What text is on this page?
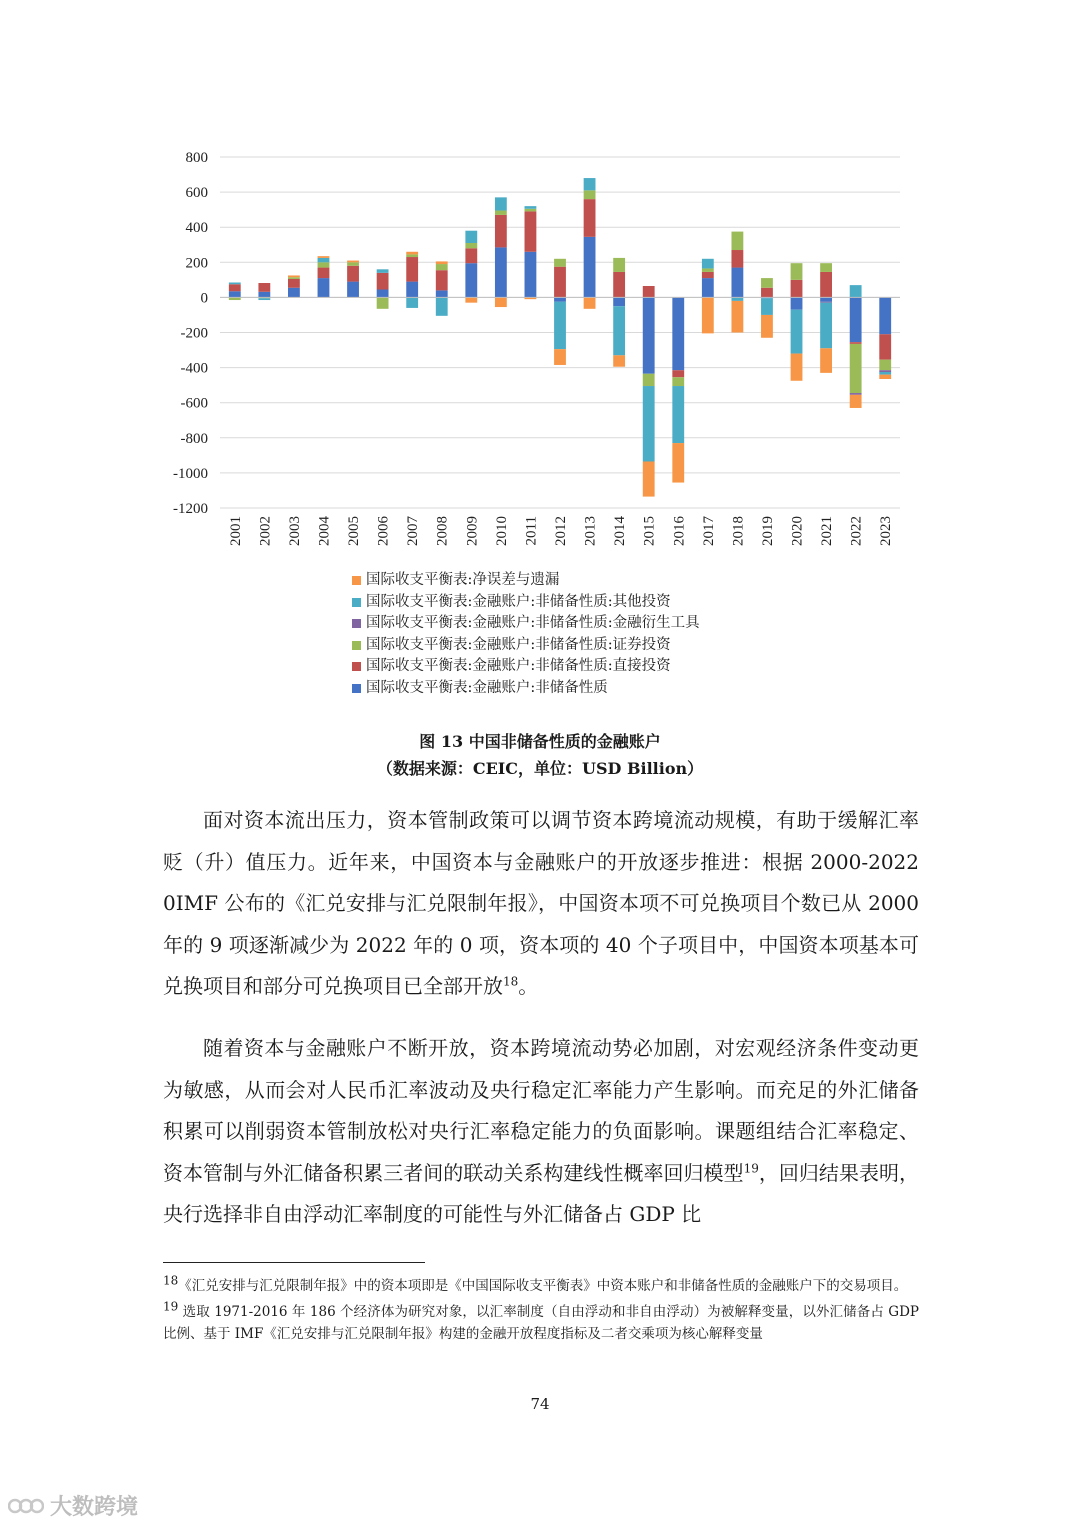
800
600
400
200
0
-200
-400
-600
-800
-1000
-1200
2001 2002 2003 2004 2005 2006 2007 2008 2009 2010 2011 2012 2013 2014 2015 2016 2017 2018 2019 2020 2021 2022 2023
国际收支平衡表:净误差与遗漏
国际收支平衡表:金融账户:非储备性质:其他投资
国际收支平衡表:金融账户:非储备性质:金融衍生工具
国际收支平衡表:金融账户:非储备性质:证券投资
国际收支平衡表:金融账户:非储备性质:直接投资
国际收支平衡表:金融账户:非储备性质
图 13 中国非储备性质的金融账户
（数据来源：CEIC，单位：USD Billion）

面对资本流出压力，资本管制政策可以调节资本跨境流动规模，有助于缓解汇率贬（升）值压力。近年来，中国资本与金融账户的开放逐步推进：根据 2000-2022 0IMF 公布的《汇兑安排与汇兑限制年报》，中国资本项不可兑换项目个数已从 2000 年的 9 项逐渐减少为 2022 年的 0 项，资本项的 40 个子项目中，中国资本项基本可兑换项目和部分可兑换项目已全部开放$^{18}$。

随着资本与金融账户不断开放，资本跨境流动势必加剧，对宏观经济条件变动更为敏感，从而会对人民币汇率波动及央行稳定汇率能力产生影响。而充足的外汇储备积累可以削弱资本管制放松对央行汇率稳定能力的负面影响。课题组结合汇率稳定、资本管制与外汇储备积累三者间的联动关系构建线性概率回归模型$^{19}$，回归结果表明，央行选择非自由浮动汇率制度的可能性与外汇储备占 GDP 比

$^{18}$《汇兑安排与汇兑限制年报》中的资本项即是《中国国际收支平衡表》中资本账户和非储备性质的金融账户下的交易项目。

$^{19}$ 选取 1971-2016 年 186 个经济体为研究对象，以汇率制度（自由浮动和非自由浮动）为被解释变量，以外汇储备占 GDP 比例、基于 IMF《汇兑安排与汇兑限制年报》构建的金融开放程度指标及二者交乘项为核心解释变量

74
大数跨境
